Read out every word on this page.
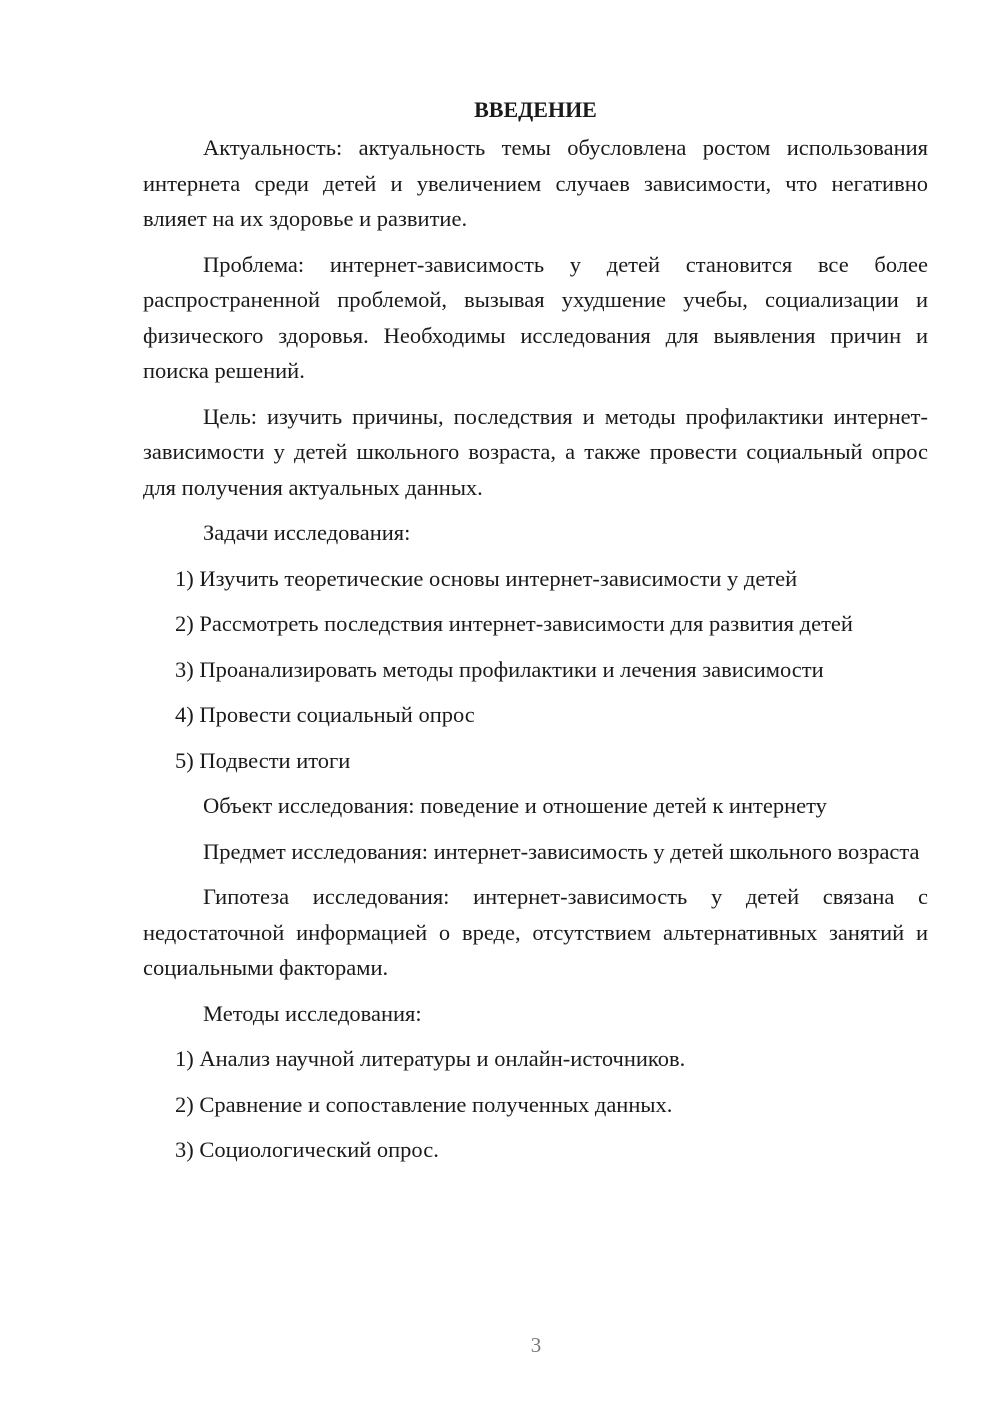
ВВЕДЕНИЕ
Актуальность: актуальность темы обусловлена ростом использования интернета среди детей и увеличением случаев зависимости, что негативно влияет на их здоровье и развитие.
Проблема: интернет-зависимость у детей становится все более распространенной проблемой, вызывая ухудшение учебы, социализации и физического здоровья. Необходимы исследования для выявления причин и поиска решений.
Цель: изучить причины, последствия и методы профилактики интернет-зависимости у детей школьного возраста, а также провести социальный опрос для получения актуальных данных.
Задачи исследования:
1) Изучить теоретические основы интернет-зависимости у детей
2) Рассмотреть последствия интернет-зависимости для развития детей
3) Проанализировать методы профилактики и лечения зависимости
4) Провести социальный опрос
5) Подвести итоги
Объект исследования: поведение и отношение детей к интернету
Предмет исследования: интернет-зависимость у детей школьного возраста
Гипотеза исследования: интернет-зависимость у детей связана с недостаточной информацией о вреде, отсутствием альтернативных занятий и социальными факторами.
Методы исследования:
1) Анализ научной литературы и онлайн-источников.
2) Сравнение и сопоставление полученных данных.
3) Социологический опрос.
3
